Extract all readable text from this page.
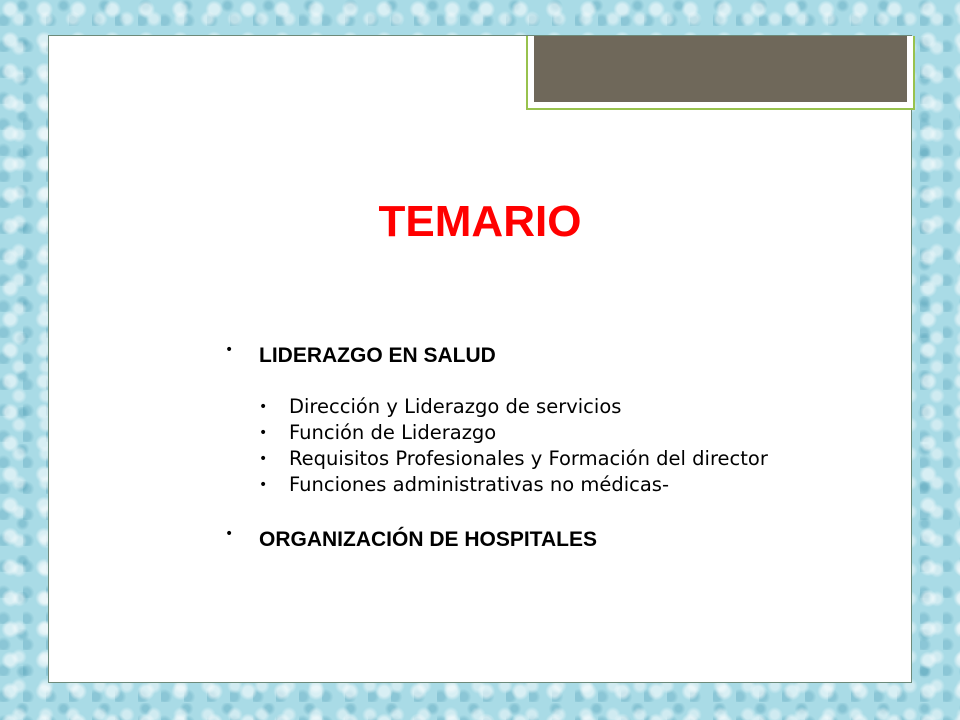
TEMARIO
• LIDERAZGO EN SALUD
• Dirección y Liderazgo de servicios
• Función de Liderazgo
• Requisitos Profesionales y Formación del director
• Funciones administrativas no médicas-
• ORGANIZACIÓN DE HOSPITALES
